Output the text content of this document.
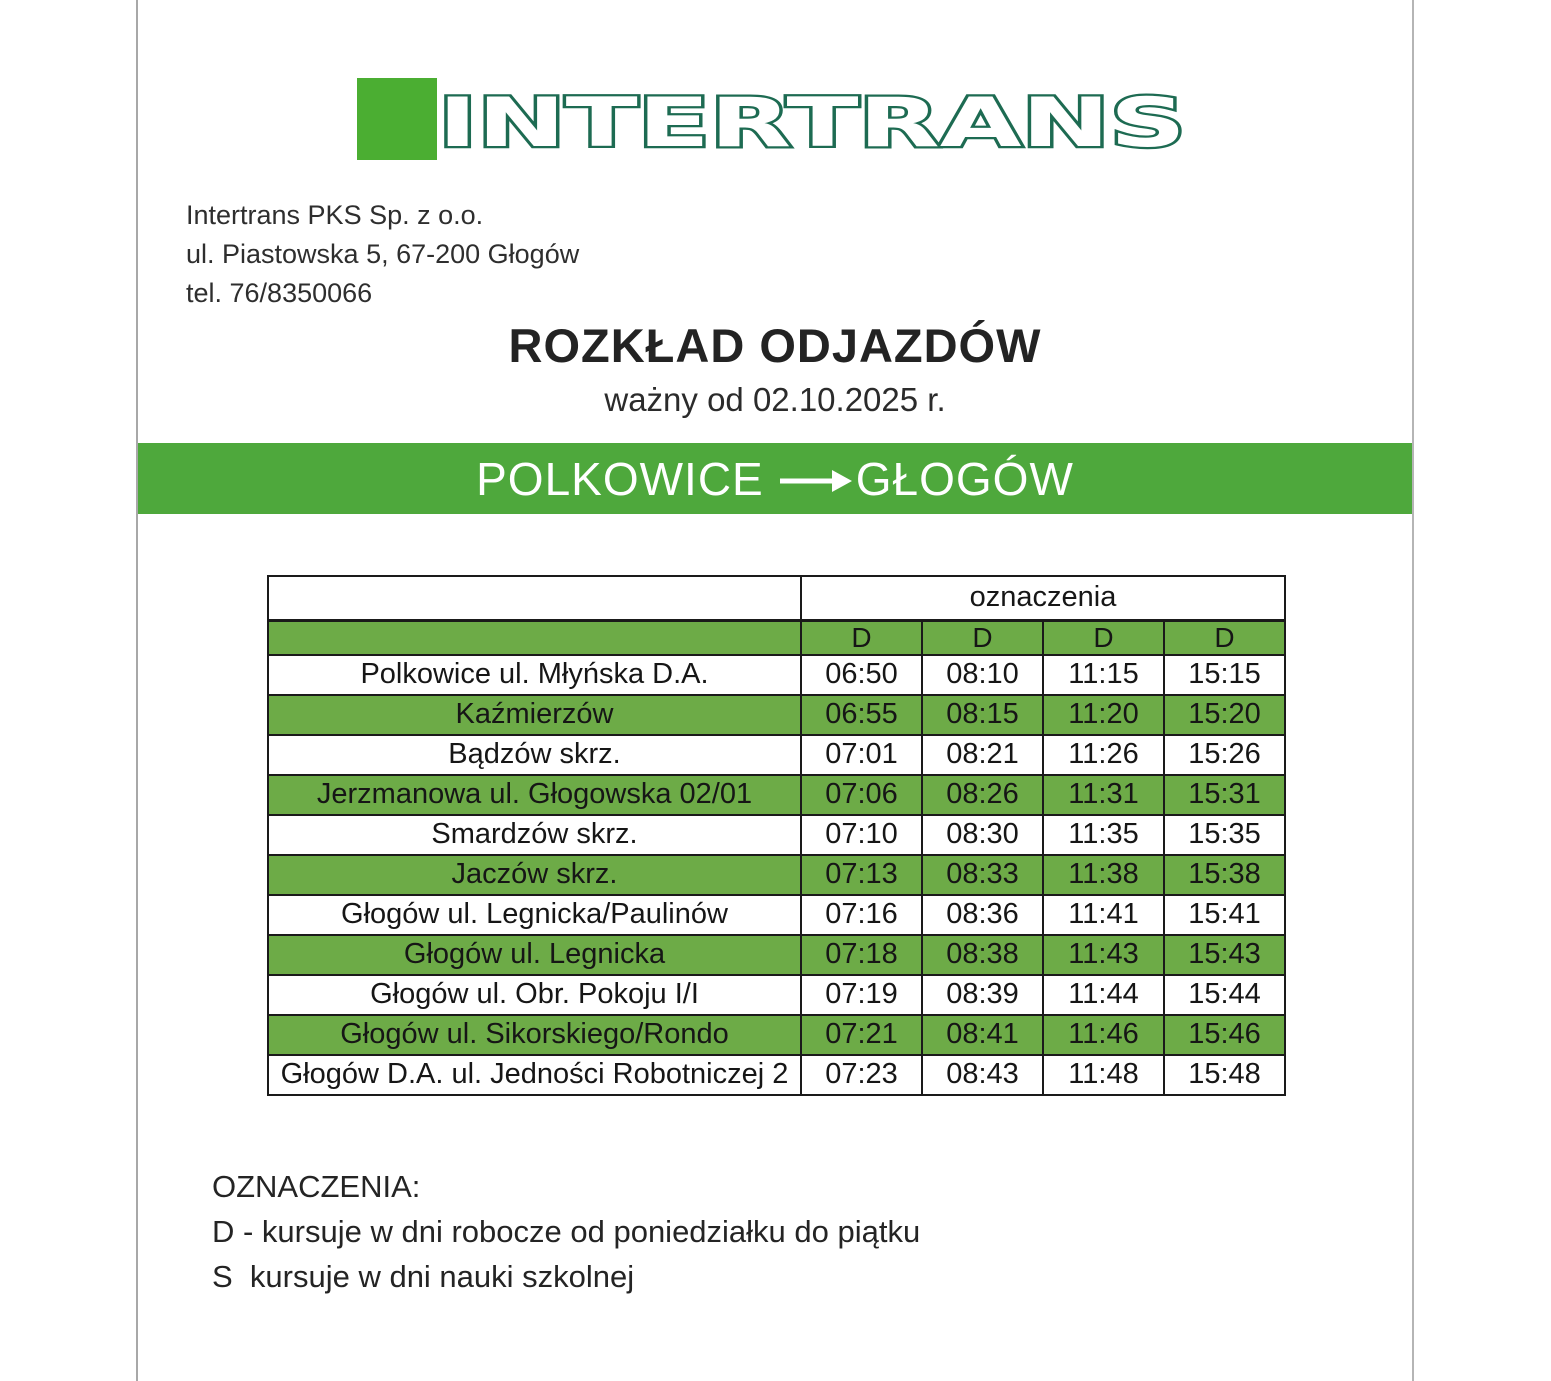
INTERTRANS
Intertrans PKS Sp. z o.o.
ul. Piastowska 5, 67-200 Głogów
tel. 76/8350066
ROZKŁAD ODJAZDÓW
ważny od 02.10.2025 r.
POLKOWICE GŁOGÓW
	oznaczenia			
	D	D	D	D
Polkowice ul. Młyńska D.A.	06:50	08:10	11:15	15:15
Kaźmierzów	06:55	08:15	11:20	15:20
Bądzów skrz.	07:01	08:21	11:26	15:26
Jerzmanowa ul. Głogowska 02/01	07:06	08:26	11:31	15:31
Smardzów skrz.	07:10	08:30	11:35	15:35
Jaczów skrz.	07:13	08:33	11:38	15:38
Głogów ul. Legnicka/Paulinów	07:16	08:36	11:41	15:41
Głogów ul. Legnicka	07:18	08:38	11:43	15:43
Głogów ul. Obr. Pokoju I/I	07:19	08:39	11:44	15:44
Głogów ul. Sikorskiego/Rondo	07:21	08:41	11:46	15:46
Głogów D.A. ul. Jedności Robotniczej 2	07:23	08:43	11:48	15:48
OZNACZENIA:
D - kursuje w dni robocze od poniedziałku do piątku
S  kursuje w dni nauki szkolnej
